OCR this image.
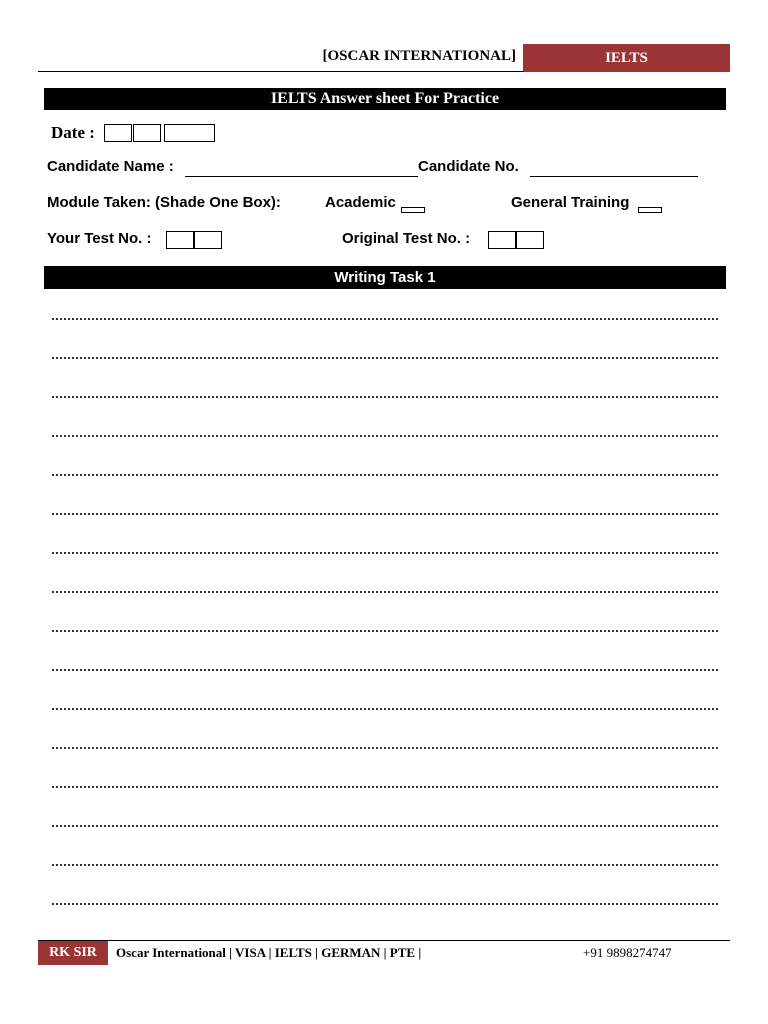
[OSCAR INTERNATIONAL]	IELTS
IELTS Answer sheet For Practice
Date :
Candidate Name :	Candidate No.
Module Taken: (Shade One Box):	Academic	General Training
Your Test No. :	Original Test No. :
Writing Task 1
RK SIR	Oscar International | VISA | IELTS | GERMAN | PTE |	+91 9898274747
